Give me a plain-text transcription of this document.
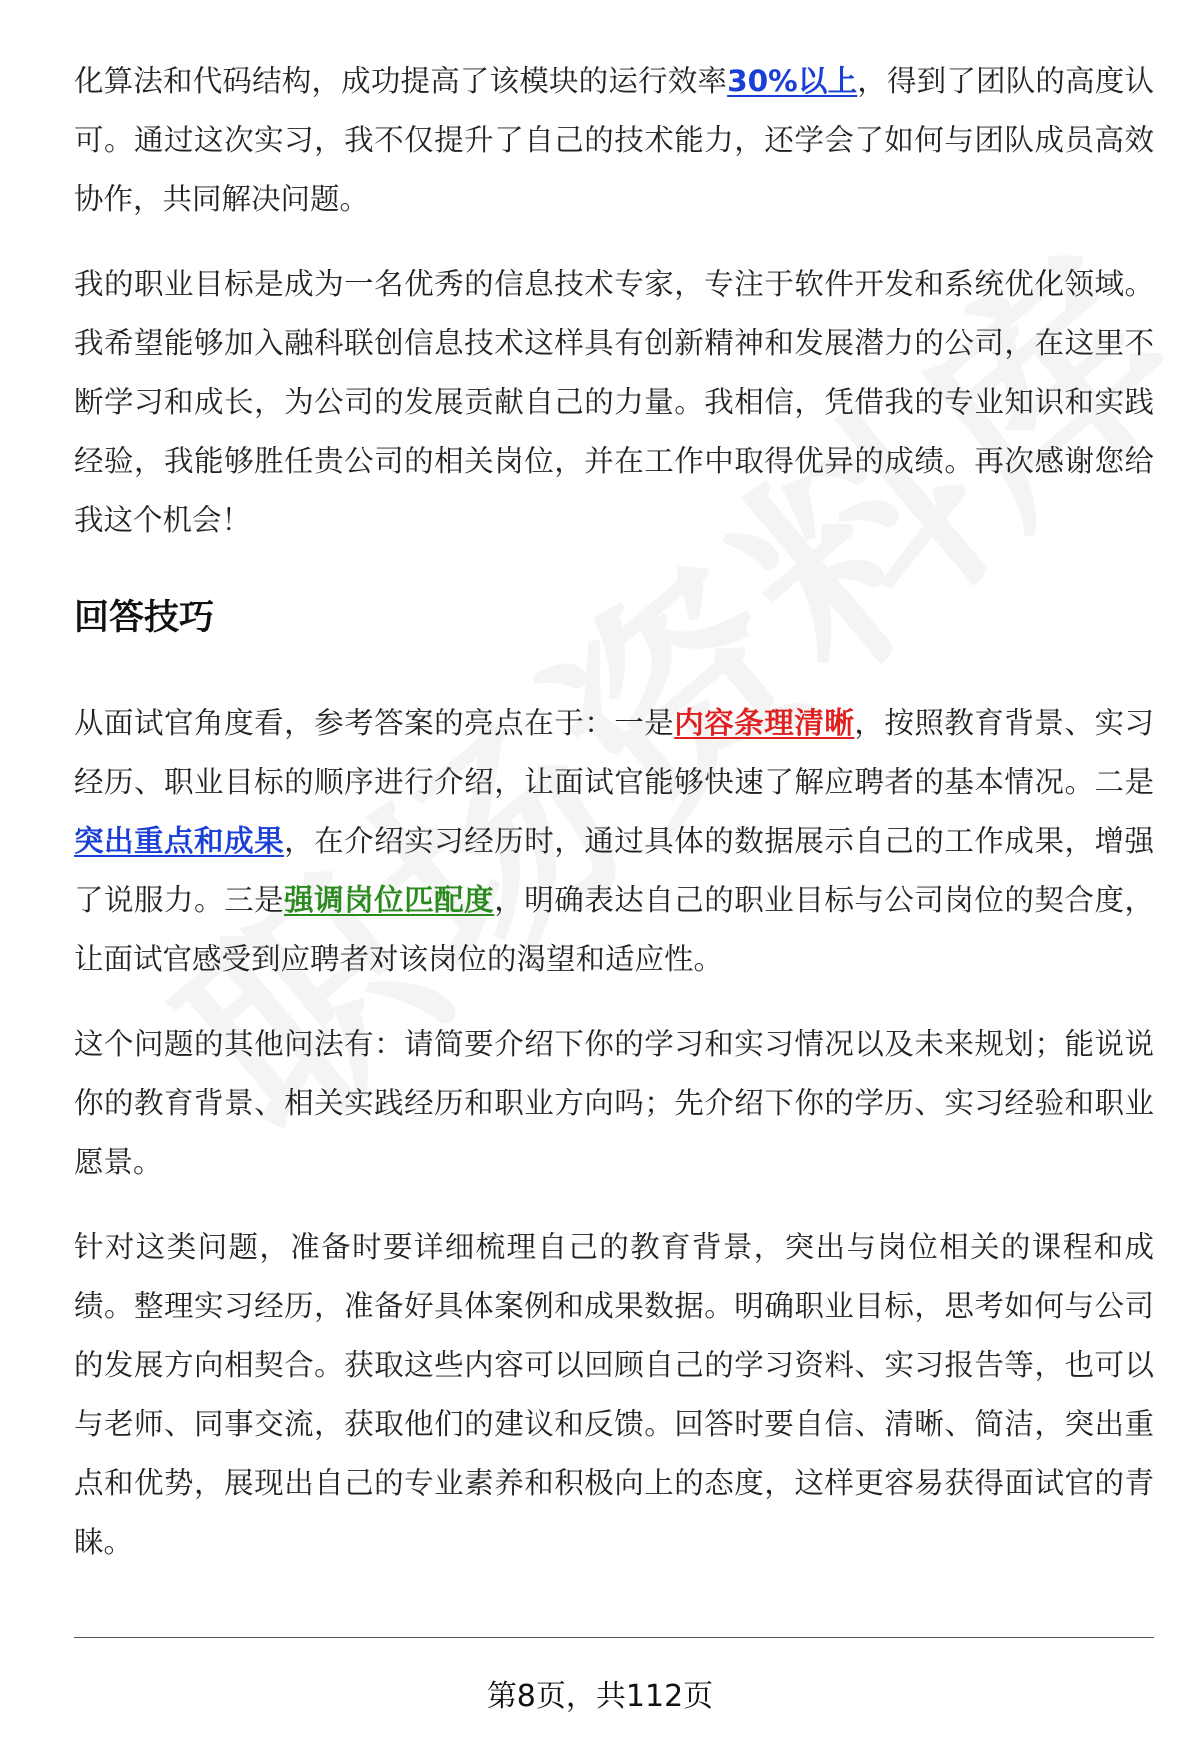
化算法和代码结构，成功提高了该模块的运行效率30%以上，得到了团队的高度认可。通过这次实习，我不仅提升了自己的技术能力，还学会了如何与团队成员高效协作，共同解决问题。

我的职业目标是成为一名优秀的信息技术专家，专注于软件开发和系统优化领域。我希望能够加入融科联创信息技术这样具有创新精神和发展潜力的公司，在这里不断学习和成长，为公司的发展贡献自己的力量。我相信，凭借我的专业知识和实践经验，我能够胜任贵公司的相关岗位，并在工作中取得优异的成绩。再次感谢您给我这个机会！

回答技巧

从面试官角度看，参考答案的亮点在于：一是内容条理清晰，按照教育背景、实习经历、职业目标的顺序进行介绍，让面试官能够快速了解应聘者的基本情况。二是突出重点和成果，在介绍实习经历时，通过具体的数据展示自己的工作成果，增强了说服力。三是强调岗位匹配度，明确表达自己的职业目标与公司岗位的契合度，让面试官感受到应聘者对该岗位的渴望和适应性。

这个问题的其他问法有：请简要介绍下你的学习和实习情况以及未来规划；能说说你的教育背景、相关实践经历和职业方向吗；先介绍下你的学历、实习经验和职业愿景。

针对这类问题，准备时要详细梳理自己的教育背景，突出与岗位相关的课程和成绩。整理实习经历，准备好具体案例和成果数据。明确职业目标，思考如何与公司的发展方向相契合。获取这些内容可以回顾自己的学习资料、实习报告等，也可以与老师、同事交流，获取他们的建议和反馈。回答时要自信、清晰、简洁，突出重点和优势，展现出自己的专业素养和积极向上的态度，这样更容易获得面试官的青睐。

第8页，共112页
